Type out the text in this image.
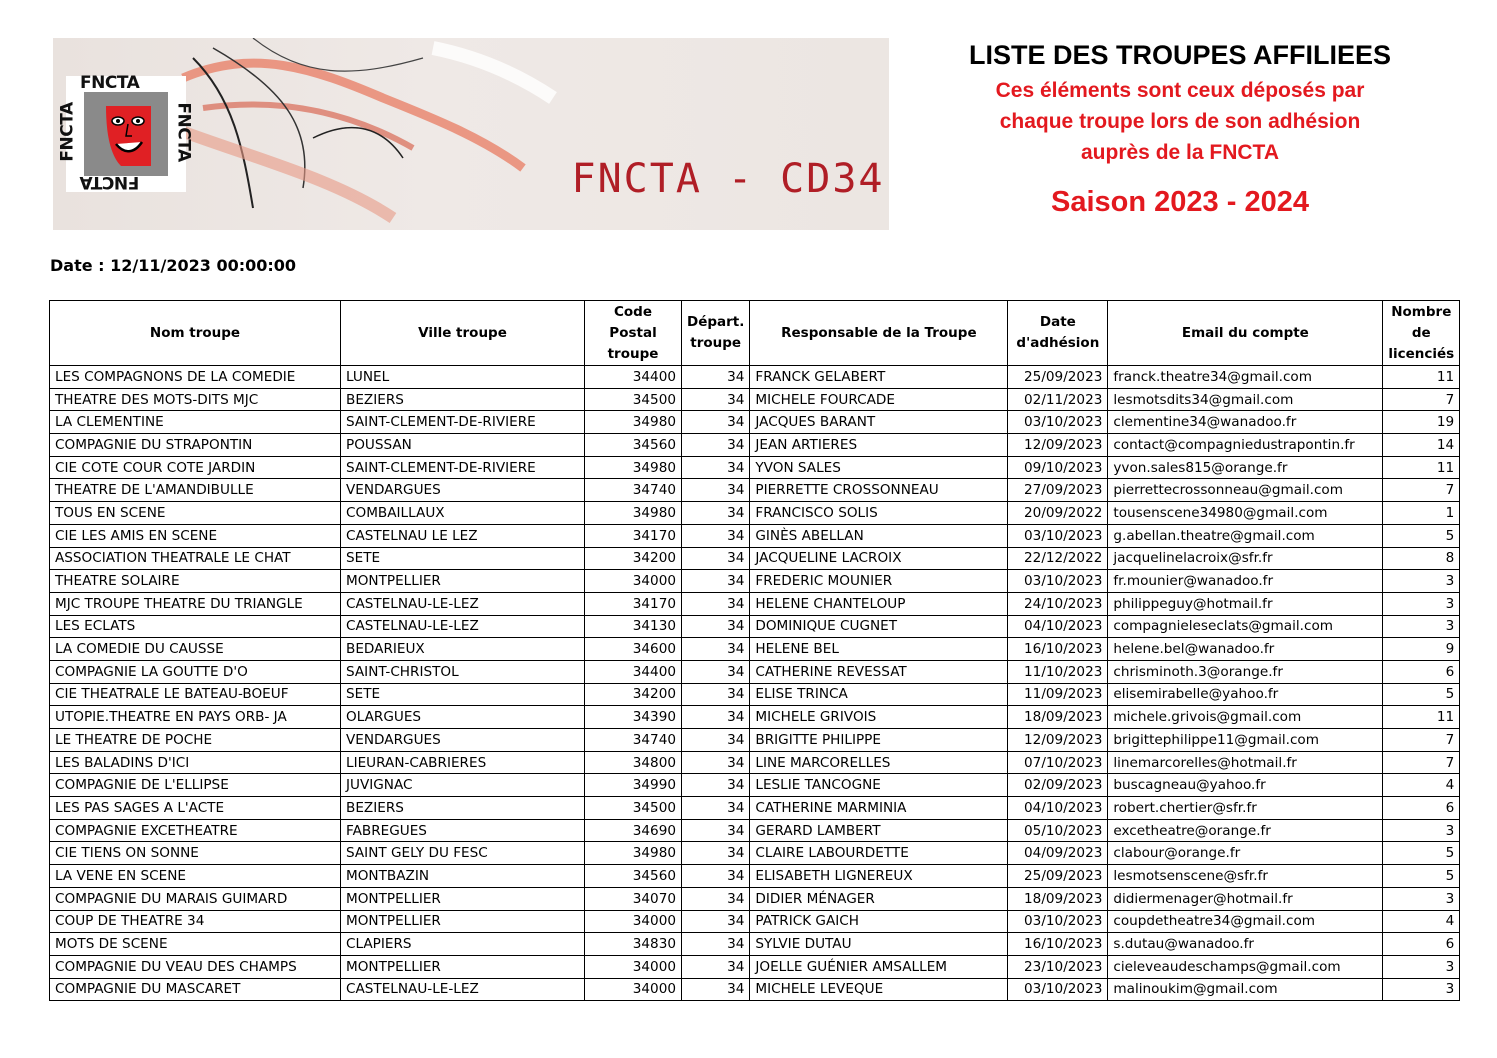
FNCTA
FNCTA
FNCTA	FNCTA
FNCTA - CD34
LISTE DES TROUPES AFFILIEES
Ces éléments sont ceux déposés par
chaque troupe lors de son adhésion
auprès de la FNCTA
Saison 2023 - 2024
Date : 12/11/2023 00:00:00
Nom troupe	Ville troupe	Code Postal troupe	Départ. troupe	Responsable de la Troupe	Date d'adhésion	Email du compte	Nombre de licenciés
LES COMPAGNONS DE LA COMEDIE	LUNEL	34400	34	FRANCK GELABERT	25/09/2023	franck.theatre34@gmail.com	11
THEATRE DES MOTS-DITS MJC	BEZIERS	34500	34	MICHELE FOURCADE	02/11/2023	lesmotsdits34@gmail.com	7
LA CLEMENTINE	SAINT-CLEMENT-DE-RIVIERE	34980	34	JACQUES BARANT	03/10/2023	clementine34@wanadoo.fr	19
COMPAGNIE DU STRAPONTIN	POUSSAN	34560	34	JEAN ARTIERES	12/09/2023	contact@compagniedustrapontin.fr	14
CIE COTE COUR COTE JARDIN	SAINT-CLEMENT-DE-RIVIERE	34980	34	YVON SALES	09/10/2023	yvon.sales815@orange.fr	11
THEATRE DE L'AMANDIBULLE	VENDARGUES	34740	34	PIERRETTE CROSSONNEAU	27/09/2023	pierrettecrossonneau@gmail.com	7
TOUS EN SCENE	COMBAILLAUX	34980	34	FRANCISCO SOLIS	20/09/2022	tousenscene34980@gmail.com	1
CIE LES AMIS EN SCENE	CASTELNAU LE LEZ	34170	34	GINÈS ABELLAN	03/10/2023	g.abellan.theatre@gmail.com	5
ASSOCIATION THEATRALE LE CHAT	SETE	34200	34	JACQUELINE LACROIX	22/12/2022	jacquelinelacroix@sfr.fr	8
THEATRE SOLAIRE	MONTPELLIER	34000	34	FREDERIC MOUNIER	03/10/2023	fr.mounier@wanadoo.fr	3
MJC TROUPE THEATRE DU TRIANGLE	CASTELNAU-LE-LEZ	34170	34	HELENE CHANTELOUP	24/10/2023	philippeguy@hotmail.fr	3
LES ECLATS	CASTELNAU-LE-LEZ	34130	34	DOMINIQUE CUGNET	04/10/2023	compagnieleseclats@gmail.com	3
LA COMEDIE DU CAUSSE	BEDARIEUX	34600	34	HELENE BEL	16/10/2023	helene.bel@wanadoo.fr	9
COMPAGNIE LA GOUTTE D'O	SAINT-CHRISTOL	34400	34	CATHERINE REVESSAT	11/10/2023	chrisminoth.3@orange.fr	6
CIE THEATRALE LE BATEAU-BOEUF	SETE	34200	34	ELISE TRINCA	11/09/2023	elisemirabelle@yahoo.fr	5
UTOPIE.THEATRE EN PAYS ORB- JA	OLARGUES	34390	34	MICHELE GRIVOIS	18/09/2023	michele.grivois@gmail.com	11
LE THEATRE DE POCHE	VENDARGUES	34740	34	BRIGITTE PHILIPPE	12/09/2023	brigittephilippe11@gmail.com	7
LES BALADINS D'ICI	LIEURAN-CABRIERES	34800	34	LINE MARCORELLES	07/10/2023	linemarcorelles@hotmail.fr	7
COMPAGNIE DE L'ELLIPSE	JUVIGNAC	34990	34	LESLIE TANCOGNE	02/09/2023	buscagneau@yahoo.fr	4
LES PAS SAGES A L'ACTE	BEZIERS	34500	34	CATHERINE MARMINIA	04/10/2023	robert.chertier@sfr.fr	6
COMPAGNIE EXCETHEATRE	FABREGUES	34690	34	GERARD LAMBERT	05/10/2023	excetheatre@orange.fr	3
CIE TIENS ON SONNE	SAINT GELY DU FESC	34980	34	CLAIRE LABOURDETTE	04/09/2023	clabour@orange.fr	5
LA VENE EN SCENE	MONTBAZIN	34560	34	ELISABETH LIGNEREUX	25/09/2023	lesmotsenscene@sfr.fr	5
COMPAGNIE DU MARAIS GUIMARD	MONTPELLIER	34070	34	DIDIER MÉNAGER	18/09/2023	didiermenager@hotmail.fr	3
COUP DE THEATRE 34	MONTPELLIER	34000	34	PATRICK GAICH	03/10/2023	coupdetheatre34@gmail.com	4
MOTS DE SCENE	CLAPIERS	34830	34	SYLVIE DUTAU	16/10/2023	s.dutau@wanadoo.fr	6
COMPAGNIE DU VEAU DES CHAMPS	MONTPELLIER	34000	34	JOELLE GUÉNIER AMSALLEM	23/10/2023	cieleveaudeschamps@gmail.com	3
COMPAGNIE DU MASCARET	CASTELNAU-LE-LEZ	34000	34	MICHELE LEVEQUE	03/10/2023	malinoukim@gmail.com	3
